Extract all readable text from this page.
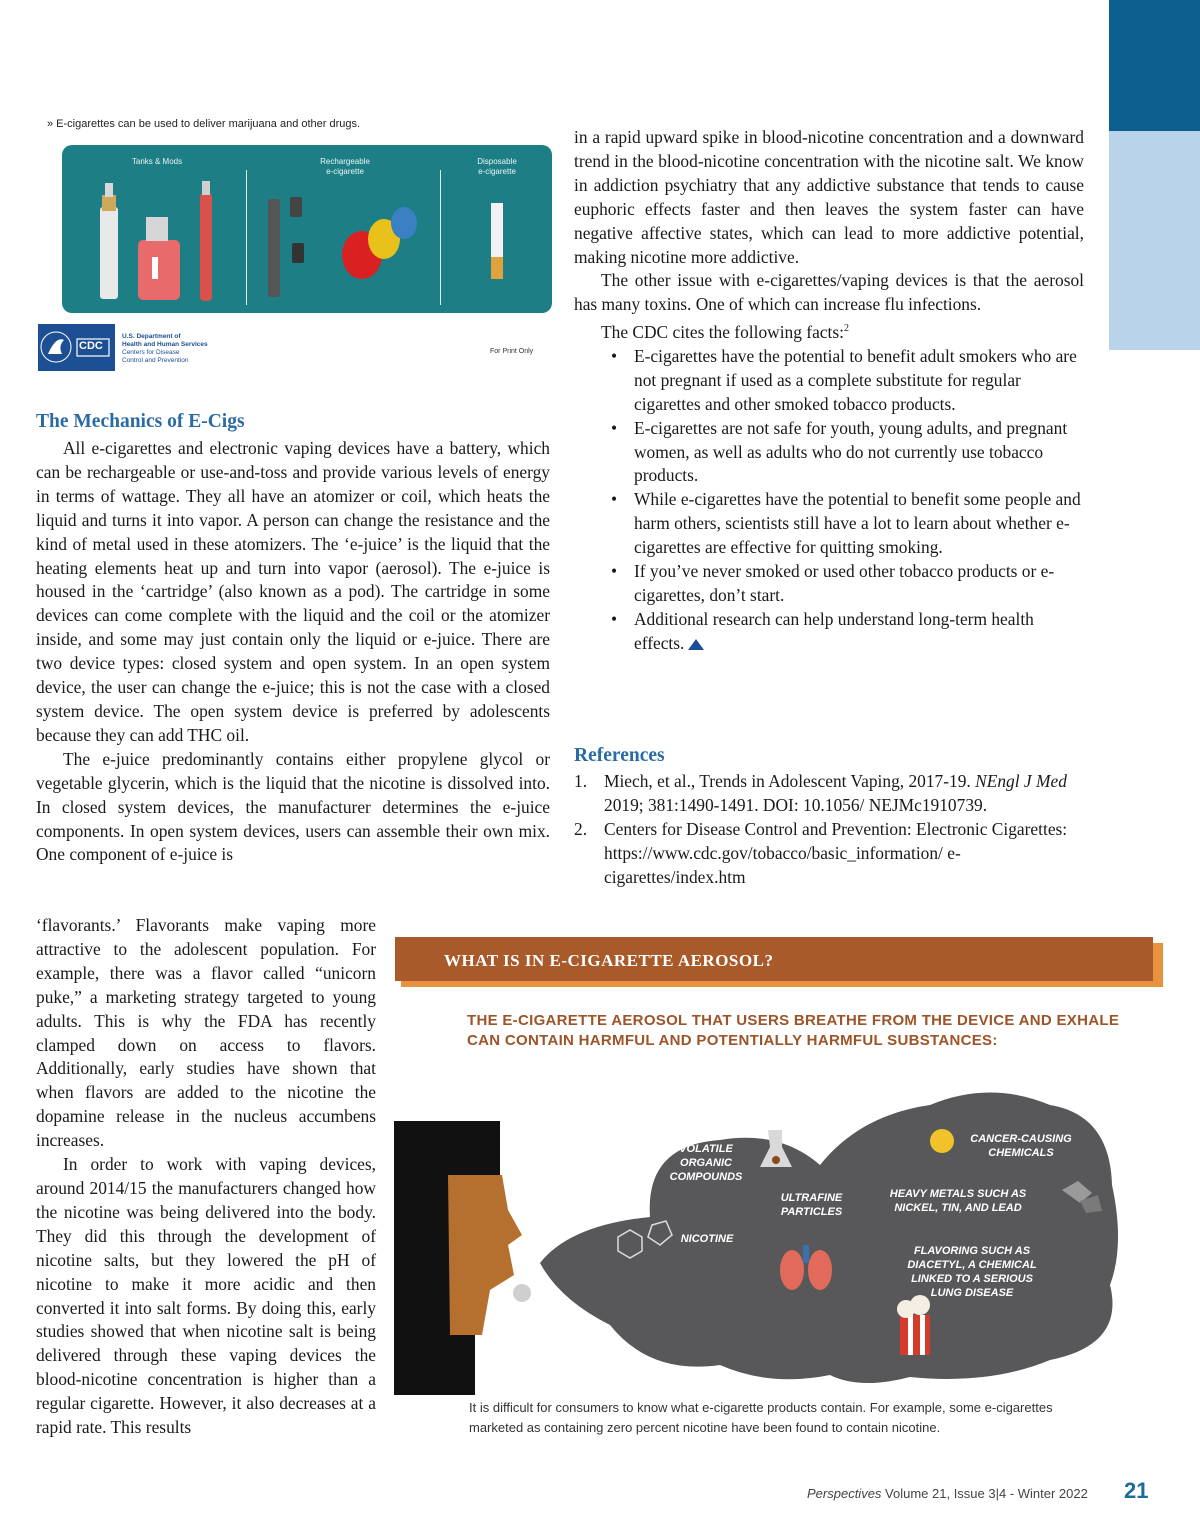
» E-cigarettes can be used to deliver marijuana and other drugs.
Tanks & Mods	Rechargeable
e-cigarette
Disposable
e-cigarette
CDC
U.S. Department of
Health and Human Services
Centers for Disease
Control and Prevention
For Print Only
The Mechanics of E-Cigs

All e-cigarettes and electronic vaping devices have a battery, which can be rechargeable or use-and-toss and provide various levels of energy in terms of wattage. They all have an atomizer or coil, which heats the liquid and turns it into vapor. A person can change the resistance and the kind of metal used in these atomizers. The ‘e-juice’ is the liquid that the heating elements heat up and turn into vapor (aerosol). The e-juice is housed in the ‘cartridge’ (also known as a pod). The cartridge in some devices can come complete with the liquid and the coil or the atomizer inside, and some may just contain only the liquid or e-juice. There are two device types: closed system and open system. In an open system device, the user can change the e-juice; this is not the case with a closed system device. The open system device is preferred by adolescents because they can add THC oil.

The e-juice predominantly contains either propylene glycol or vegetable glycerin, which is the liquid that the nicotine is dissolved into. In closed system devices, the manufacturer determines the e-juice components. In open system devices, users can assemble their own mix. One component of e-juice is

‘flavorants.’ Flavorants make vaping more attractive to the adolescent population. For example, there was a flavor called “unicorn puke,” a marketing strategy targeted to young adults. This is why the FDA has recently clamped down on access to flavors. Additionally, early studies have shown that when flavors are added to the nicotine the dopamine release in the nucleus accumbens increases.

In order to work with vaping devices, around 2014/15 the manufacturers changed how the nicotine was being delivered into the body. They did this through the development of nicotine salts, but they lowered the pH of nicotine to make it more acidic and then converted it into salt forms. By doing this, early studies showed that when nicotine salt is being delivered through these vaping devices the blood-nicotine concentration is higher than a regular cigarette. However, it also decreases at a rapid rate. This results

in a rapid upward spike in blood-nicotine concentration and a downward trend in the blood-nicotine concentration with the nicotine salt. We know in addiction psychiatry that any addictive substance that tends to cause euphoric effects faster and then leaves the system faster can have negative affective states, which can lead to more addictive potential, making nicotine more addictive.

The other issue with e-cigarettes/vaping devices is that the aerosol has many toxins. One of which can increase flu infections.

The CDC cites the following facts:$^2$

• E-cigarettes have the potential to benefit adult smokers who are not pregnant if used as a complete substitute for regular cigarettes and other smoked tobacco products.
• E-cigarettes are not safe for youth, young adults, and pregnant women, as well as adults who do not currently use tobacco products.
• While e-cigarettes have the potential to benefit some people and harm others, scientists still have a lot to learn about whether e-cigarettes are effective for quitting smoking.
• If you’ve never smoked or used other tobacco products or e-cigarettes, don’t start.
• Additional research can help understand long-term health effects.
References
1. Miech, et al., Trends in Adolescent Vaping, 2017-19. NEngl J Med 2019; 381:1490-1491. DOI: 10.1056/ NEJMc1910739.
2. Centers for Disease Control and Prevention: Electronic Cigarettes: https://www.cdc.gov/tobacco/basic_information/ e-cigarettes/index.htm
WHAT IS IN E-CIGARETTE AEROSOL?
THE E-CIGARETTE AEROSOL THAT USERS BREATHE FROM THE DEVICE AND EXHALE CAN CONTAIN HARMFUL AND POTENTIALLY HARMFUL SUBSTANCES:
VOLATILE
ORGANIC
COMPOUNDS
ULTRAFINE
PARTICLES
NICOTINE
CANCER-CAUSING
CHEMICALS
HEAVY METALS SUCH AS
NICKEL, TIN, AND LEAD
FLAVORING SUCH AS
DIACETYL, A CHEMICAL
LINKED TO A SERIOUS
LUNG DISEASE
It is difficult for consumers to know what e-cigarette products contain. For example, some e-cigarettes marketed as containing zero percent nicotine have been found to contain nicotine.
Perspectives Volume 21, Issue 3|4 - Winter 2022 21
